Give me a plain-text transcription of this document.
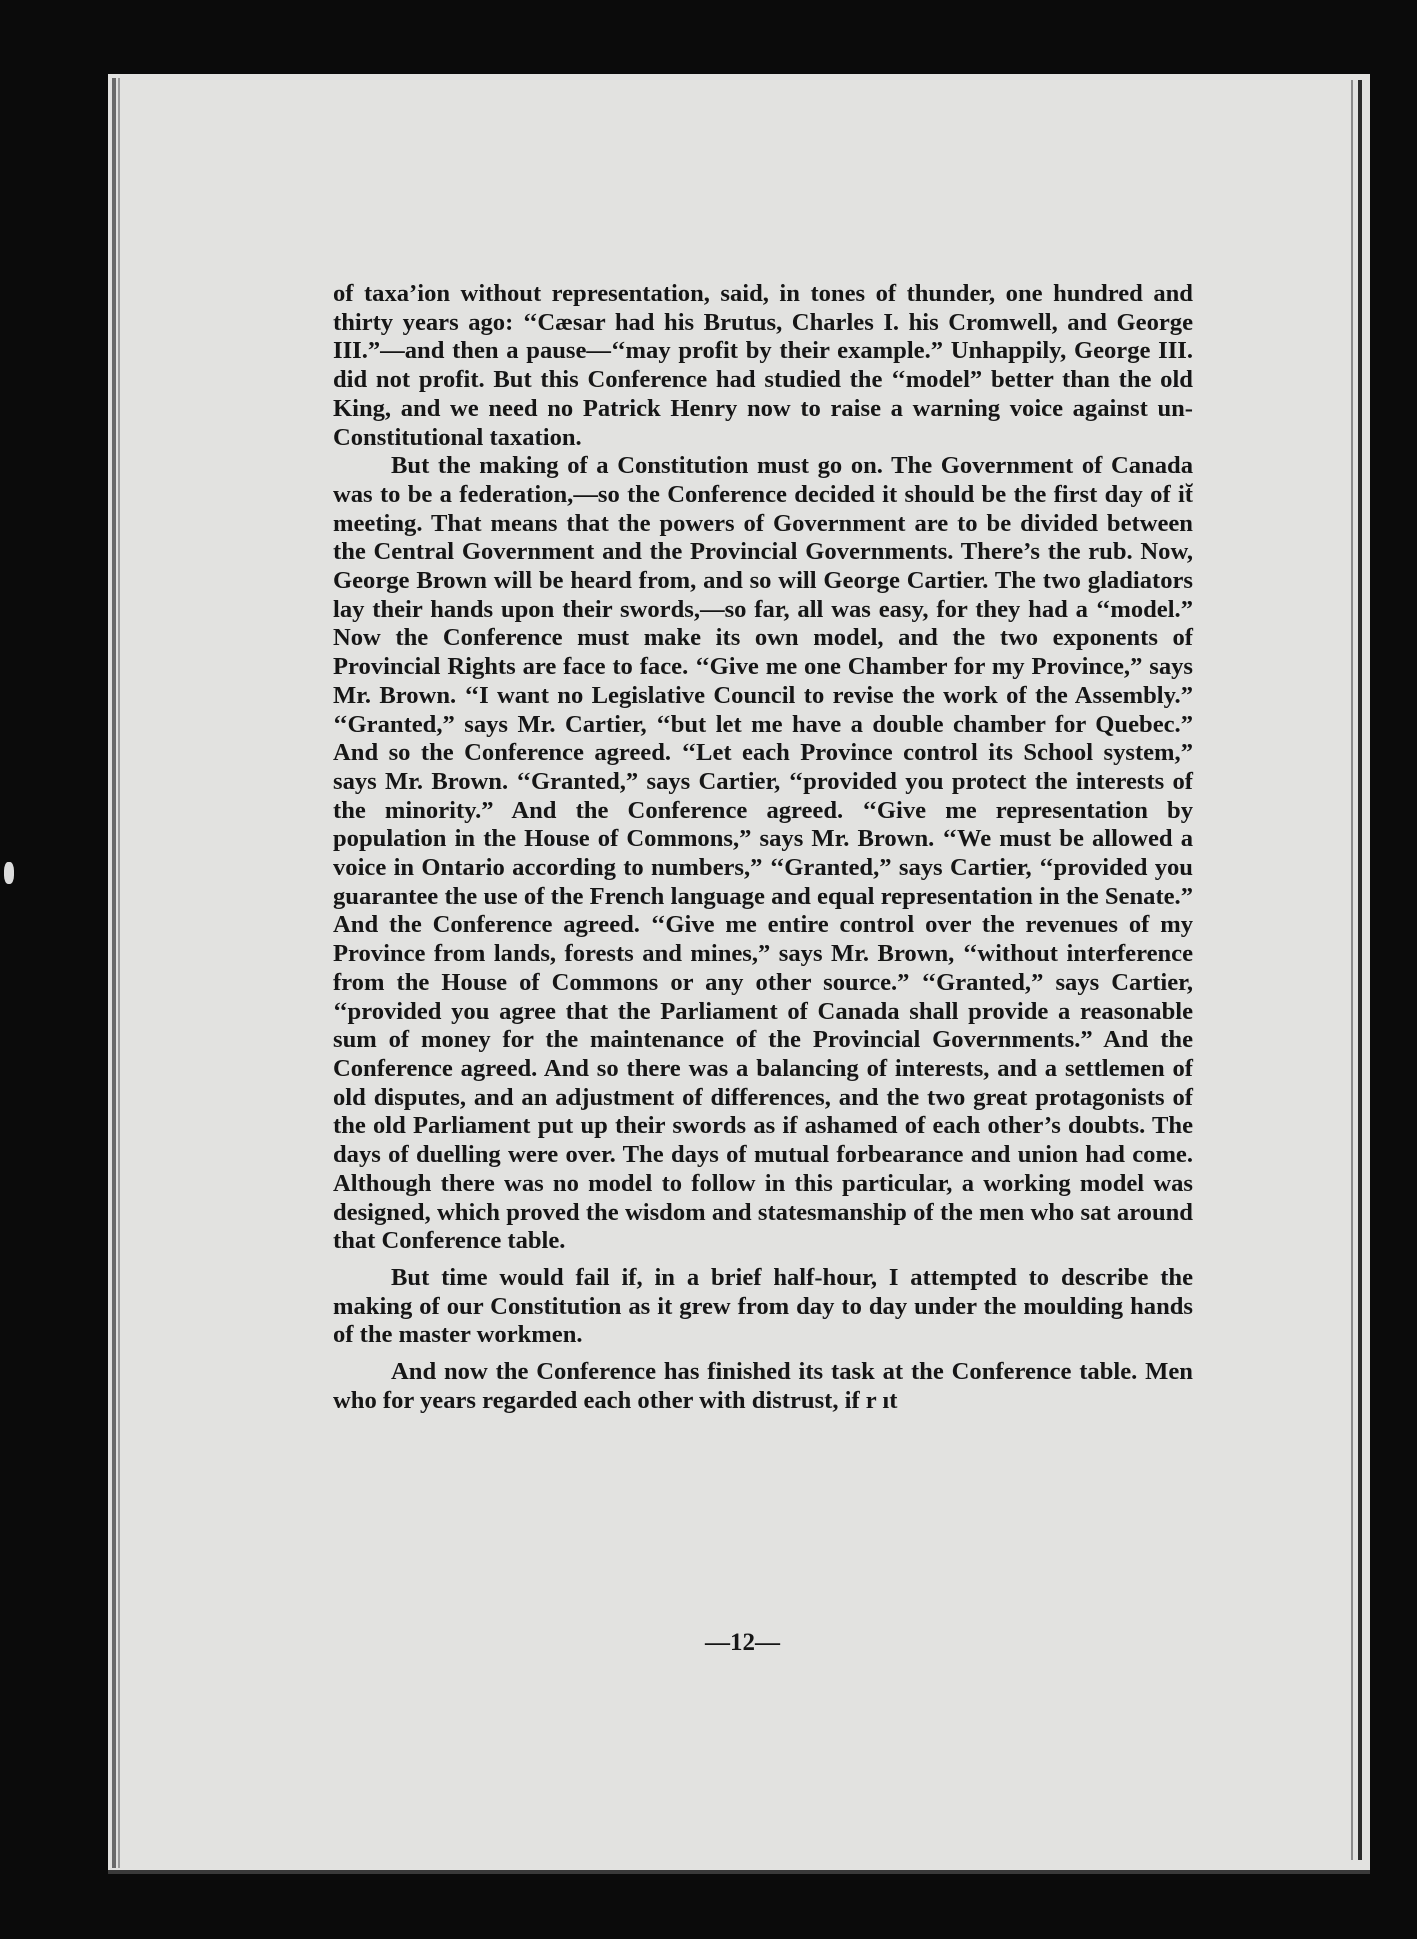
of taxa’ion without representation, said, in tones of thunder, one hundred and thirty years ago: ‘‘Cæsar had his Brutus, Charles I. his Cromwell, and George III.”—and then a pause—‘‘may profit by their example.” Unhappily, George III. did not profit. But this Conference had studied the ‘‘model” better than the old King, and we need no Patrick Henry now to raise a warning voice against un-Constitutional taxation.

But the making of a Constitution must go on. The Government of Canada was to be a federation,—so the Conference decided it should be the first day of it̆ meeting. That means that the powers of Government are to be divided between the Central Government and the Provincial Governments. There’s the rub. Now, George Brown will be heard from, and so will George Cartier. The two gladiators lay their hands upon their swords,—so far, all was easy, for they had a ‘‘model.” Now the Conference must make its own model, and the two exponents of Provincial Rights are face to face. ‘‘Give me one Chamber for my Province,” says Mr. Brown. ‘‘I want no Legislative Council to revise the work of the Assembly.” ‘‘Granted,” says Mr. Cartier, ‘‘but let me have a double chamber for Quebec.” And so the Conference agreed. ‘‘Let each Province control its School system,” says Mr. Brown. ‘‘Granted,” says Cartier, ‘‘provided you protect the interests of the minority.” And the Conference agreed. ‘‘Give me representation by population in the House of Commons,” says Mr. Brown. ‘‘We must be allowed a voice in Ontario according to numbers,” ‘‘Granted,” says Cartier, ‘‘provided you guarantee the use of the French language and equal representation in the Senate.” And the Conference agreed. ‘‘Give me entire control over the revenues of my Province from lands, forests and mines,” says Mr. Brown, ‘‘without interference from the House of Commons or any other source.” ‘‘Granted,” says Cartier, ‘‘provided you agree that the Parliament of Canada shall provide a reasonable sum of money for the maintenance of the Provincial Governments.” And the Conference agreed. And so there was a balancing of interests, and a settlemen of old disputes, and an adjustment of differences, and the two great protagonists of the old Parliament put up their swords as if ashamed of each other’s doubts. The days of duelling were over. The days of mutual forbearance and union had come. Although there was no model to follow in this particular, a working model was designed, which proved the wisdom and statesmanship of the men who sat around that Conference table.

But time would fail if, in a brief half-hour, I attempted to describe the making of our Constitution as it grew from day to day under the moulding hands of the master workmen.

And now the Conference has finished its task at the Conference table. Men who for years regarded each other with distrust, if r ıt

—12—
